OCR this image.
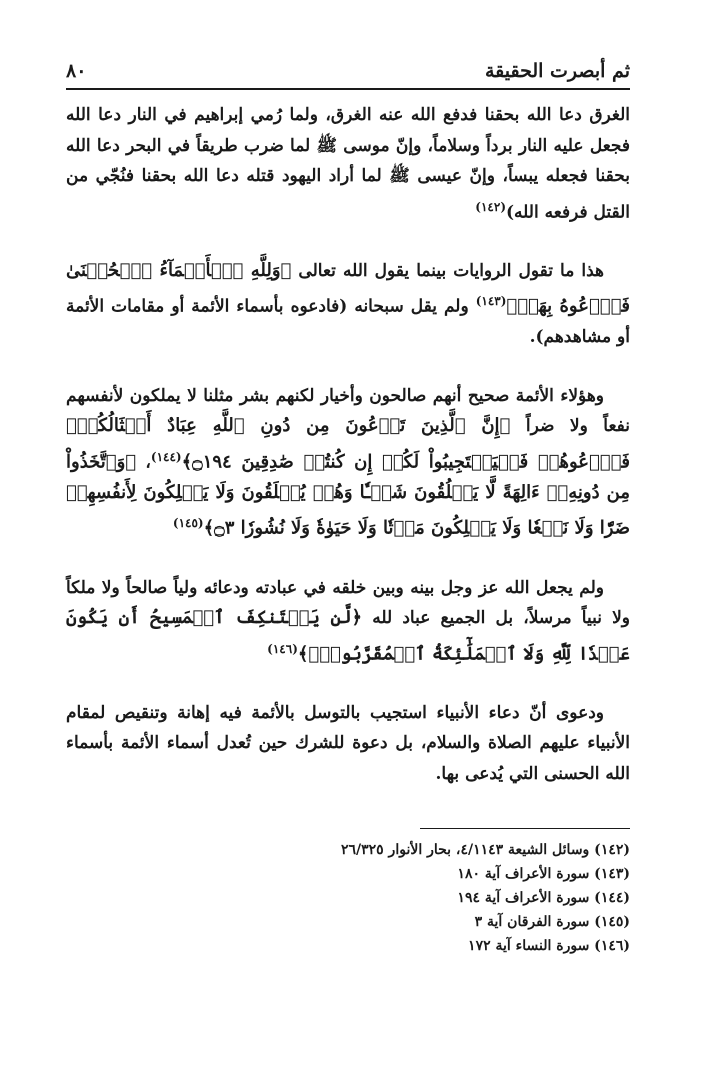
ثم أبصرت الحقيقة
٨٠

الغرق دعا الله بحقنا فدفع الله عنه الغرق، ولما رُمي إبراهيم في النار دعا الله فجعل عليه النار برداً وسلاماً، وإنّ موسى ﷺ لما ضرب طريقاً في البحر دعا الله بحقنا فجعله يبساً، وإنّ عيسى ﷺ لما أراد اليهود قتله دعا الله بحقنا فنُجّي من القتل فرفعه الله)$^{(١٤٢)}$

هذا ما تقول الروايات بينما يقول الله تعالى ﴿وَلِلَّهِ ٱلۡأَسۡمَآءُ ٱلۡحُسۡنَىٰ فَٱدۡعُوهُ بِهَاۖ﴾$^{(١٤٣)}$ ولم يقل سبحانه (فادعوه بأسماء الأئمة أو مقامات الأئمة أو مشاهدهم).

وهؤلاء الأئمة صحيح أنهم صالحون وأخيار لكنهم بشر مثلنا لا يملكون لأنفسهم نفعاً ولا ضراً ﴿إِنَّ ٱلَّذِينَ تَدۡعُونَ مِن دُونِ ٱللَّهِ عِبَادٌ أَمۡثَالُكُمۡۖ فَٱدۡعُوهُمۡ فَلۡيَسۡتَجِيبُواْ لَكُمۡ إِن كُنتُمۡ صَٰدِقِينَ ۝١٩٤﴾$^{(١٤٤)}$، ﴿وَٱتَّخَذُواْ مِن دُونِهِۦٓ ءَالِهَةً لَّا يَخۡلُقُونَ شَيۡـٔٗا وَهُمۡ يُخۡلَقُونَ وَلَا يَمۡلِكُونَ لِأَنفُسِهِمۡ ضَرّٗا وَلَا نَفۡعٗا وَلَا يَمۡلِكُونَ مَوۡتٗا وَلَا حَيَوٰةٗ وَلَا نُشُورٗا ۝٣﴾$^{(١٤٥)}$

ولم يجعل الله عز وجل بينه وبين خلقه في عبادته ودعائه ولياً صالحاً ولا ملكاً ولا نبياً مرسلاً، بل الجميع عباد لله ﴿لَّن يَسۡتَنكِفَ ٱلۡمَسِيحُ أَن يَكُونَ عَبۡدٗا لِّلَّهِ وَلَا ٱلۡمَلَٰٓئِكَةُ ٱلۡمُقَرَّبُونَۚ﴾$^{(١٤٦)}$

ودعوى أنّ دعاء الأنبياء استجيب بالتوسل بالأئمة فيه إهانة وتنقيص لمقام الأنبياء عليهم الصلاة والسلام، بل دعوة للشرك حين تُعدل أسماء الأئمة بأسماء الله الحسنى التي يُدعى بها.

(١٤٢) وسائل الشيعة ٤/١١٤٣، بحار الأنوار ٢٦/٣٢٥
(١٤٣) سورة الأعراف آية ١٨٠
(١٤٤) سورة الأعراف آية ١٩٤
(١٤٥) سورة الفرقان آية ٣
(١٤٦) سورة النساء آية ١٧٢
